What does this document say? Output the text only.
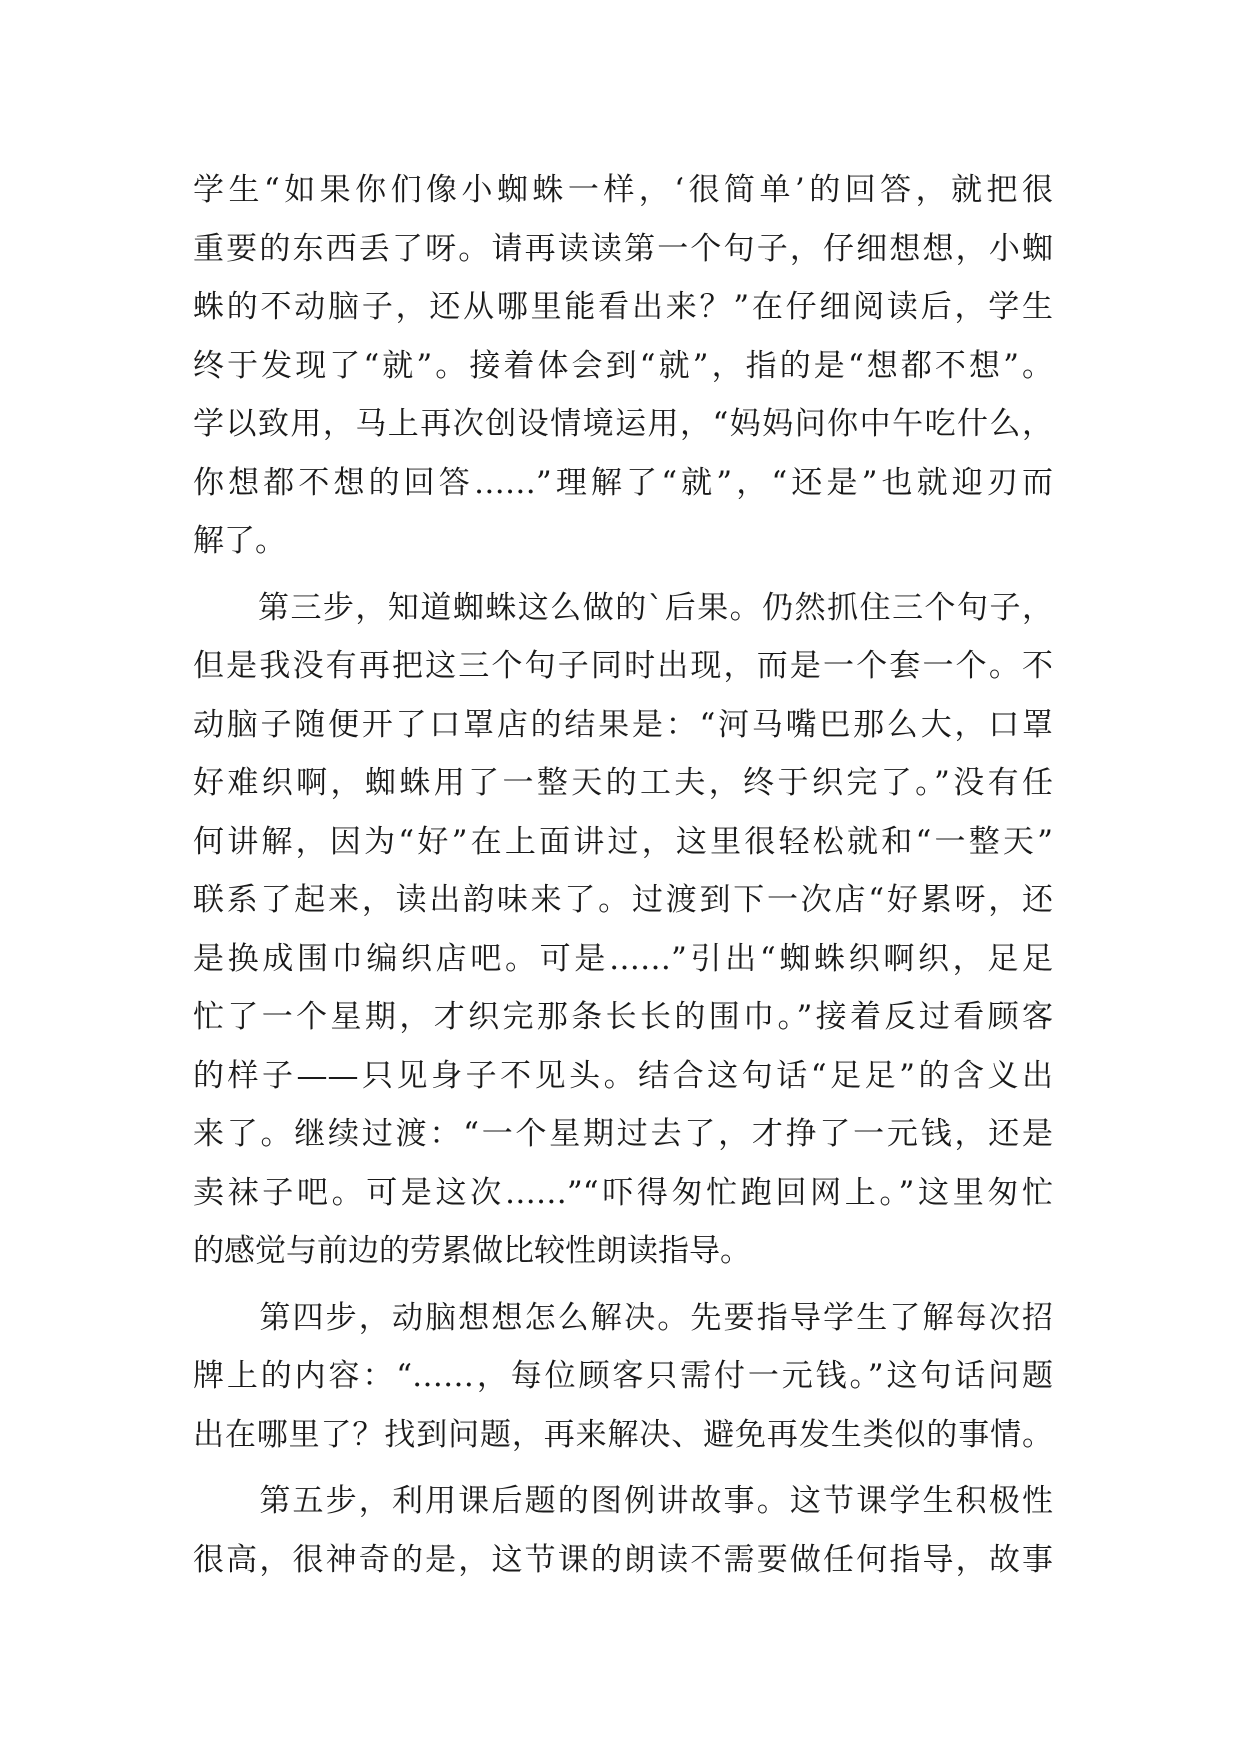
学生“如果你们像小蜘蛛一样，‘很简单’的回答，就把很
重要的东西丢了呀。请再读读第一个句子，仔细想想，小蜘
蛛的不动脑子，还从哪里能看出来？”在仔细阅读后，学生
终于发现了“就”。接着体会到“就”，指的是“想都不想”。
学以致用，马上再次创设情境运用，“妈妈问你中午吃什么，
你想都不想的回答……”理解了“就”，“还是”也就迎刃而
解了。
　　第三步，知道蜘蛛这么做的`后果。仍然抓住三个句子，
但是我没有再把这三个句子同时出现，而是一个套一个。不
动脑子随便开了口罩店的结果是：“河马嘴巴那么大，口罩
好难织啊，蜘蛛用了一整天的工夫，终于织完了。”没有任
何讲解，因为“好”在上面讲过，这里很轻松就和“一整天”
联系了起来，读出韵味来了。过渡到下一次店“好累呀，还
是换成围巾编织店吧。可是……”引出“蜘蛛织啊织，足足
忙了一个星期，才织完那条长长的围巾。”接着反过看顾客
的样子——只见身子不见头。结合这句话“足足”的含义出
来了。继续过渡：“一个星期过去了，才挣了一元钱，还是
卖袜子吧。可是这次……”“吓得匆忙跑回网上。”这里匆忙
的感觉与前边的劳累做比较性朗读指导。
　　第四步，动脑想想怎么解决。先要指导学生了解每次招
牌上的内容：“……，每位顾客只需付一元钱。”这句话问题
出在哪里了？找到问题，再来解决、避免再发生类似的事情。
　　第五步，利用课后题的图例讲故事。这节课学生积极性
很高，很神奇的是，这节课的朗读不需要做任何指导，故事
